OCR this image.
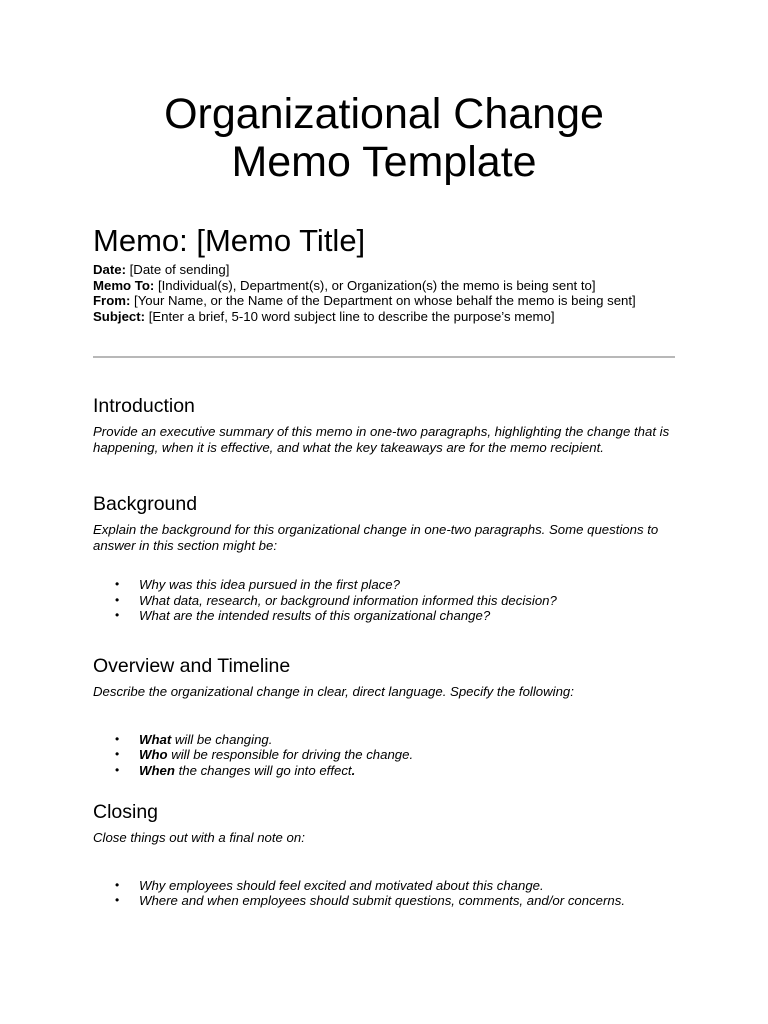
Organizational Change
Memo Template
Memo: [Memo Title]

Date: [Date of sending]

Memo To: [Individual(s), Department(s), or Organization(s) the memo is being sent to]

From: [Your Name, or the Name of the Department on whose behalf the memo is being sent]

Subject: [Enter a brief, 5-10 word subject line to describe the purpose’s memo]

Introduction

Provide an executive summary of this memo in one-two paragraphs, highlighting the change that is happening, when it is effective, and what the key takeaways are for the memo recipient.

Background

Explain the background for this organizational change in one-two paragraphs. Some questions to answer in this section might be:

• Why was this idea pursued in the first place?
• What data, research, or background information informed this decision?
• What are the intended results of this organizational change?
Overview and Timeline

Describe the organizational change in clear, direct language. Specify the following:

• What will be changing.
• Who will be responsible for driving the change.
• When the changes will go into effect.
Closing

Close things out with a final note on:

• Why employees should feel excited and motivated about this change.
• Where and when employees should submit questions, comments, and/or concerns.
